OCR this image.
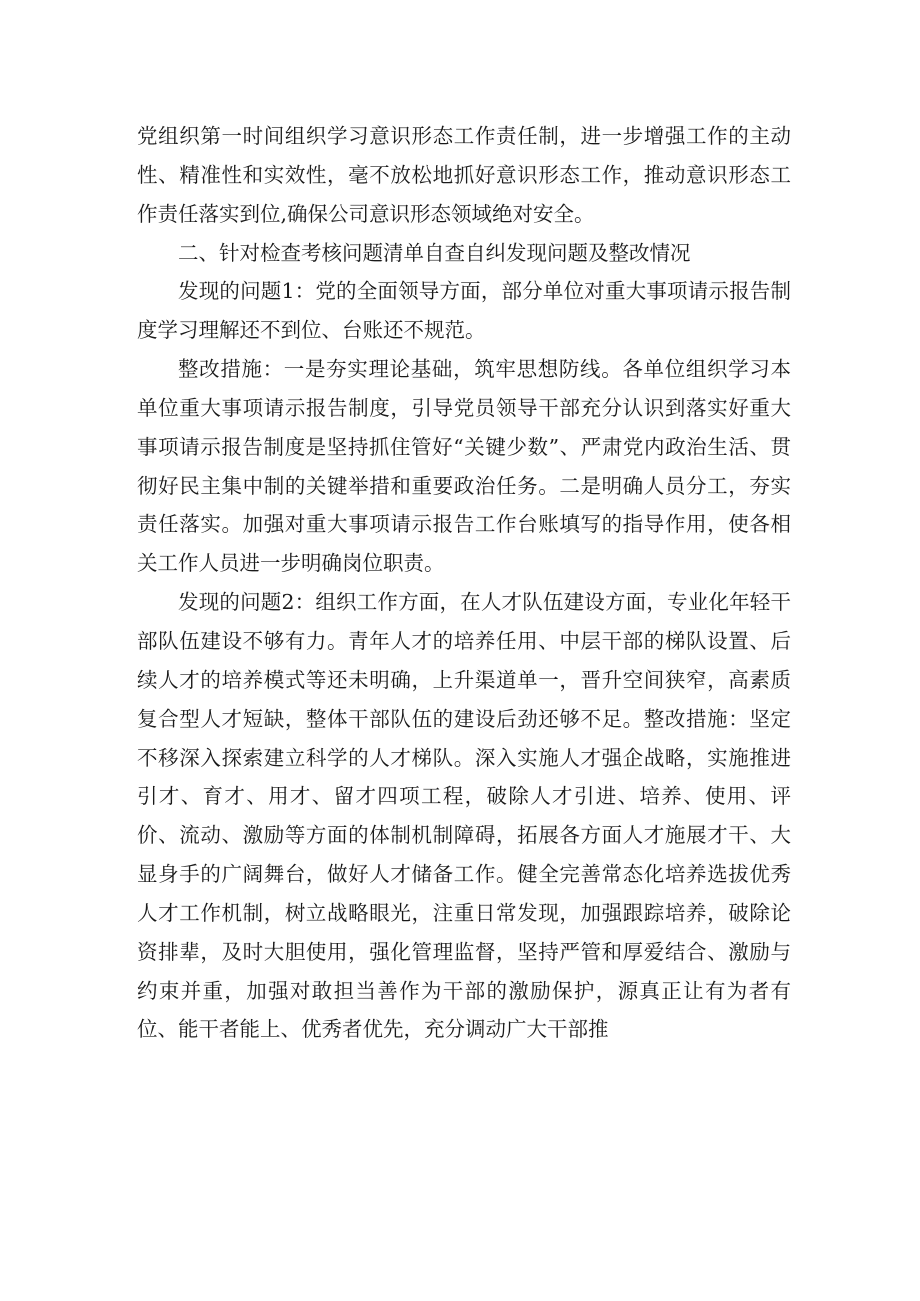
党组织第一时间组织学习意识形态工作责任制，进一步增强工作的主动性、精准性和实效性，毫不放松地抓好意识形态工作，推动意识形态工作责任落实到位,确保公司意识形态领域绝对安全。

二、针对检查考核问题清单自查自纠发现问题及整改情况

发现的问题1：党的全面领导方面，部分单位对重大事项请示报告制度学习理解还不到位、台账还不规范。

整改措施：一是夯实理论基础，筑牢思想防线。各单位组织学习本单位重大事项请示报告制度，引导党员领导干部充分认识到落实好重大事项请示报告制度是坚持抓住管好“关键少数”、严肃党内政治生活、贯彻好民主集中制的关键举措和重要政治任务。二是明确人员分工，夯实责任落实。加强对重大事项请示报告工作台账填写的指导作用，使各相关工作人员进一步明确岗位职责。

发现的问题2：组织工作方面，在人才队伍建设方面，专业化年轻干部队伍建设不够有力。青年人才的培养任用、中层干部的梯队设置、后续人才的培养模式等还未明确，上升渠道单一，晋升空间狭窄，高素质复合型人才短缺，整体干部队伍的建设后劲还够不足。整改措施：坚定不移深入探索建立科学的人才梯队。深入实施人才强企战略，实施推进引才、育才、用才、留才四项工程，破除人才引进、培养、使用、评价、流动、激励等方面的体制机制障碍，拓展各方面人才施展才干、大显身手的广阔舞台，做好人才储备工作。健全完善常态化培养选拔优秀人才工作机制，树立战略眼光，注重日常发现，加强跟踪培养，破除论资排辈，及时大胆使用，强化管理监督，坚持严管和厚爱结合、激励与约束并重，加强对敢担当善作为干部的激励保护，源真正让有为者有位、能干者能上、优秀者优先，充分调动广大干部推
